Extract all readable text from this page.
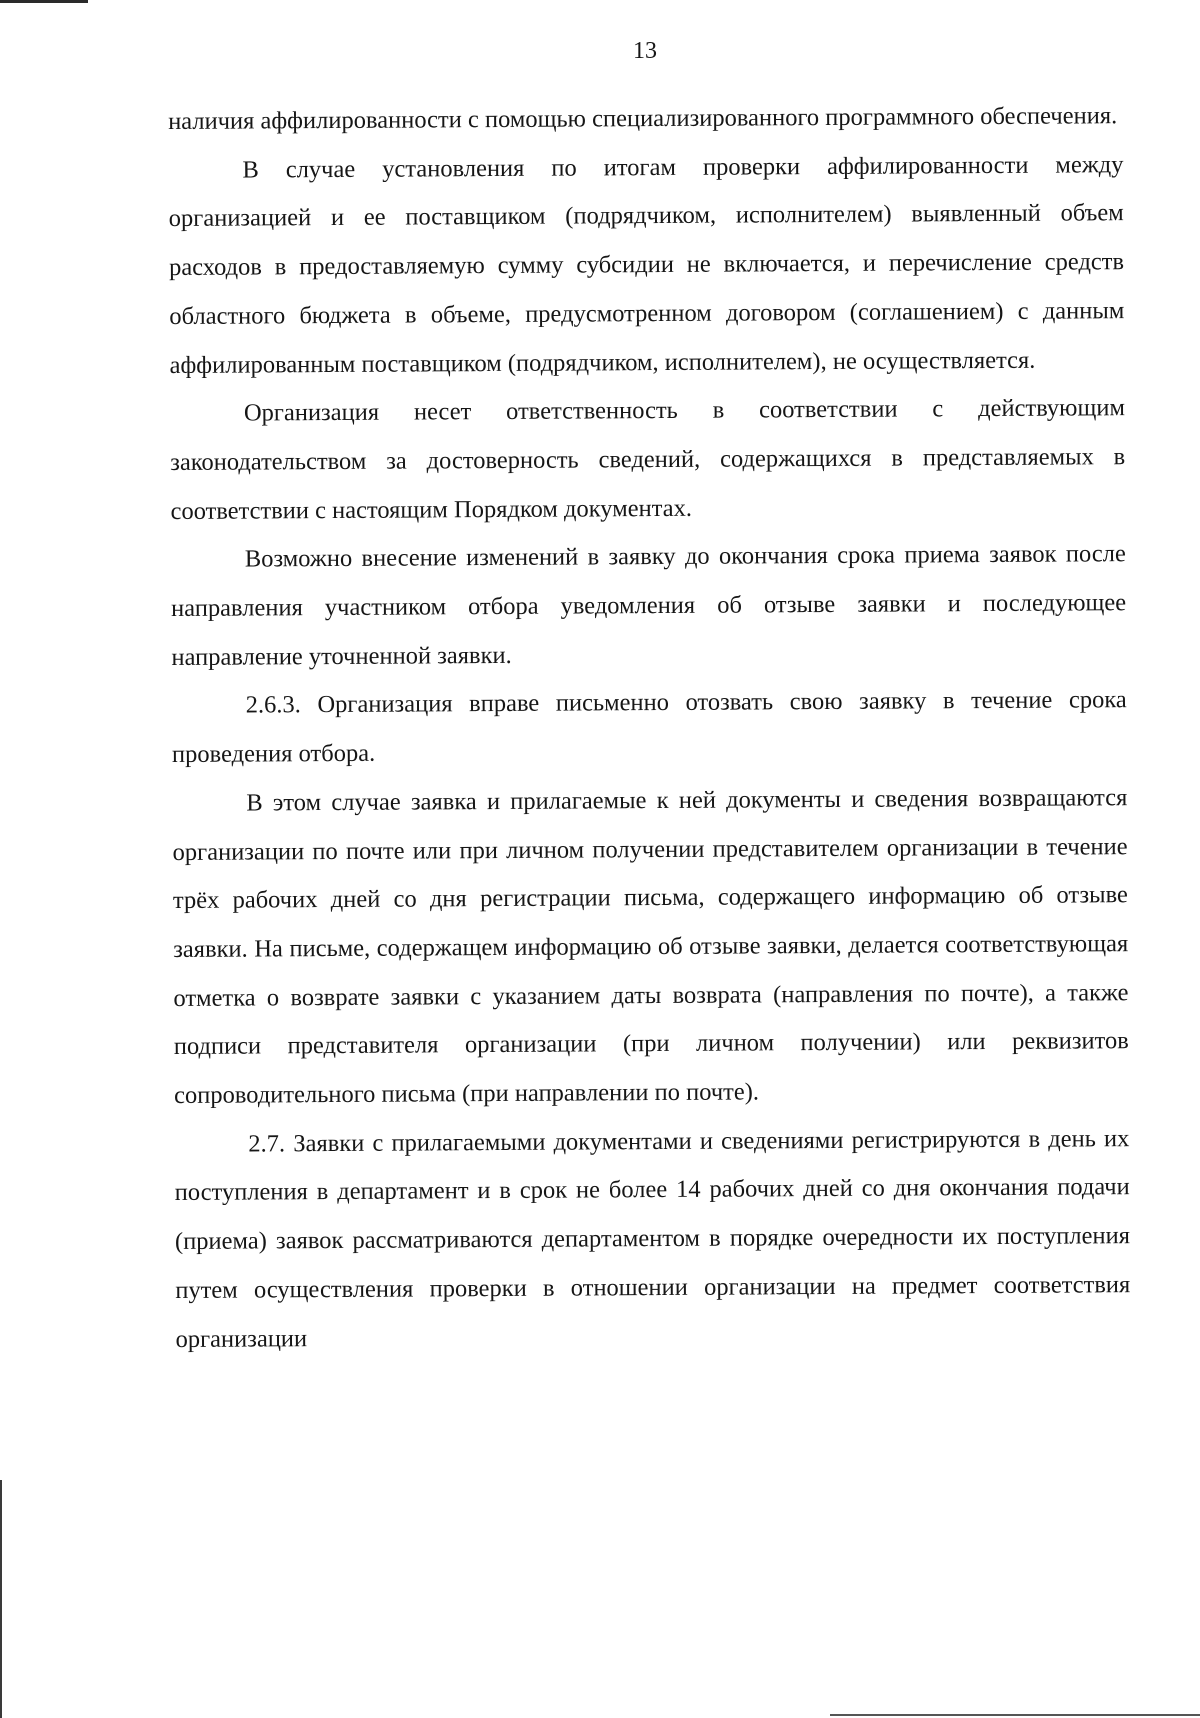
13

наличия аффилированности с помощью специализированного программного обеспечения.

В случае установления по итогам проверки аффилированности между организацией и ее поставщиком (подрядчиком, исполнителем) выявленный объем расходов в предоставляемую сумму субсидии не включается, и перечисление средств областного бюджета в объеме, предусмотренном договором (соглашением) с данным аффилированным поставщиком (подрядчиком, исполнителем), не осуществляется.

Организация несет ответственность в соответствии с действующим законодательством за достоверность сведений, содержащихся в представляемых в соответствии с настоящим Порядком документах.

Возможно внесение изменений в заявку до окончания срока приема заявок после направления участником отбора уведомления об отзыве заявки и последующее направление уточненной заявки.

2.6.3. Организация вправе письменно отозвать свою заявку в течение срока проведения отбора.

В этом случае заявка и прилагаемые к ней документы и сведения возвращаются организации по почте или при личном получении представителем организации в течение трёх рабочих дней со дня регистрации письма, содержащего информацию об отзыве заявки. На письме, содержащем информацию об отзыве заявки, делается соответствующая отметка о возврате заявки с указанием даты возврата (направления по почте), а также подписи представителя организации (при личном получении) или реквизитов сопроводительного письма (при направлении по почте).

2.7. Заявки с прилагаемыми документами и сведениями регистрируются в день их поступления в департамент и в срок не более 14 рабочих дней со дня окончания подачи (приема) заявок рассматриваются департаментом в порядке очередности их поступления путем осуществления проверки в отношении организации на предмет соответствия организации
